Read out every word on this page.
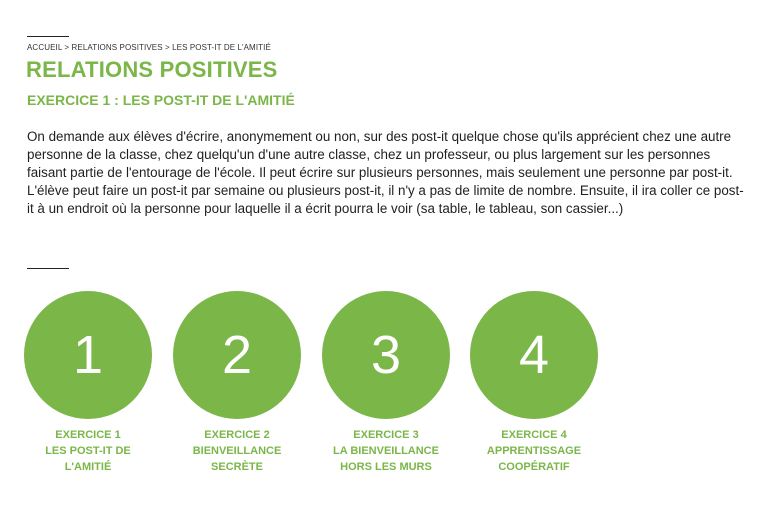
ACCUEIL > RELATIONS POSITIVES > LES POST-IT DE L'AMITIÉ
RELATIONS POSITIVES
EXERCICE 1 : LES POST-IT DE L'AMITIÉ

On demande aux élèves d'écrire, anonymement ou non, sur des post-it quelque chose qu'ils apprécient chez une autre personne de la classe, chez quelqu'un d'une autre classe, chez un professeur, ou plus largement sur les personnes faisant partie de l'entourage de l'école. Il peut écrire sur plusieurs personnes, mais seulement une personne par post-it. L'élève peut faire un post-it par semaine ou plusieurs post-it, il n'y a pas de limite de nombre. Ensuite, il ira coller ce post-it à un endroit où la personne pour laquelle il a écrit pourra le voir (sa table, le tableau, son cassier...)

1
EXERCICE 1
LES POST-IT DE
L'AMITIÉ
2
EXERCICE 2
BIENVEILLANCE
SECRÈTE
3
EXERCICE 3
LA BIENVEILLANCE
HORS LES MURS
4
EXERCICE 4
APPRENTISSAGE
COOPÉRATIF
